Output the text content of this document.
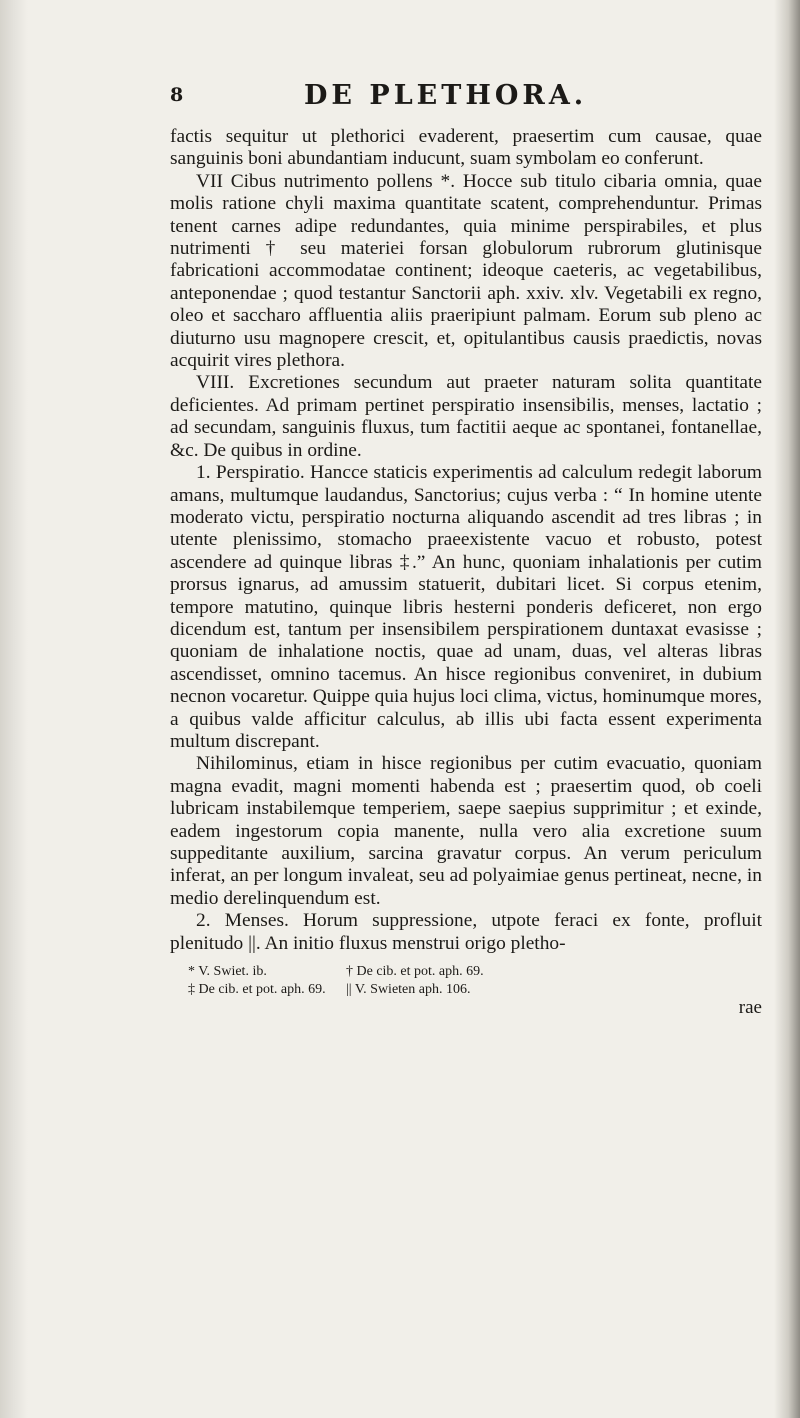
8	DE PLETHORA.

factis sequitur ut plethorici evaderent, praesertim cum causae, quae sanguinis boni abundantiam inducunt, suam symbolam eo conferunt.

VII Cibus nutrimento pollens *. Hocce sub titulo cibaria omnia, quae molis ratione chyli maxima quantitate scatent, comprehenduntur. Primas tenent carnes adipe redundantes, quia minime perspirabiles, et plus nutrimenti † seu materiei forsan globulorum rubrorum glutinisque fabricationi accommodatae continent; ideoque caeteris, ac vegetabilibus, anteponendae ; quod testantur Sanctorii aph. xxiv. xlv. Vegetabili ex regno, oleo et saccharo affluentia aliis praeripiunt palmam. Eorum sub pleno ac diuturno usu magnopere crescit, et, opitulantibus causis praedictis, novas acquirit vires plethora.

VIII. Excretiones secundum aut praeter naturam solita quantitate deficientes. Ad primam pertinet perspiratio insensibilis, menses, lactatio ; ad secundam, sanguinis fluxus, tum factitii aeque ac spontanei, fontanellae, &c. De quibus in ordine.

1. Perspiratio. Hancce staticis experimentis ad calculum redegit laborum amans, multumque laudandus, Sanctorius; cujus verba : “ In homine utente moderato victu, perspiratio nocturna aliquando ascendit ad tres libras ; in utente plenissimo, stomacho praeexistente vacuo et robusto, potest ascendere ad quinque libras ‡.” An hunc, quoniam inhalationis per cutim prorsus ignarus, ad amussim statuerit, dubitari licet. Si corpus etenim, tempore matutino, quinque libris hesterni ponderis deficeret, non ergo dicendum est, tantum per insensibilem perspirationem duntaxat evasisse ; quoniam de inhalatione noctis, quae ad unam, duas, vel alteras libras ascendisset, omnino tacemus. An hisce regionibus conveniret, in dubium necnon vocaretur. Quippe quia hujus loci clima, victus, hominumque mores, a quibus valde afficitur calculus, ab illis ubi facta essent experimenta multum discrepant.

Nihilominus, etiam in hisce regionibus per cutim evacuatio, quoniam magna evadit, magni momenti habenda est ; praesertim quod, ob coeli lubricam instabilemque temperiem, saepe saepius supprimitur ; et exinde, eadem ingestorum copia manente, nulla vero alia excretione suum suppeditante auxilium, sarcina gravatur corpus. An verum periculum inferat, an per longum invaleat, seu ad polyaimiae genus pertineat, necne, in medio derelinquendum est.

2. Menses. Horum suppressione, utpote feraci ex fonte, profluit plenitudo ||. An initio fluxus menstrui origo pletho-

* V. Swiet. ib.	† De cib. et pot. aph. 69.
‡ De cib. et pot. aph. 69.	|| V. Swieten aph. 106.
rae
